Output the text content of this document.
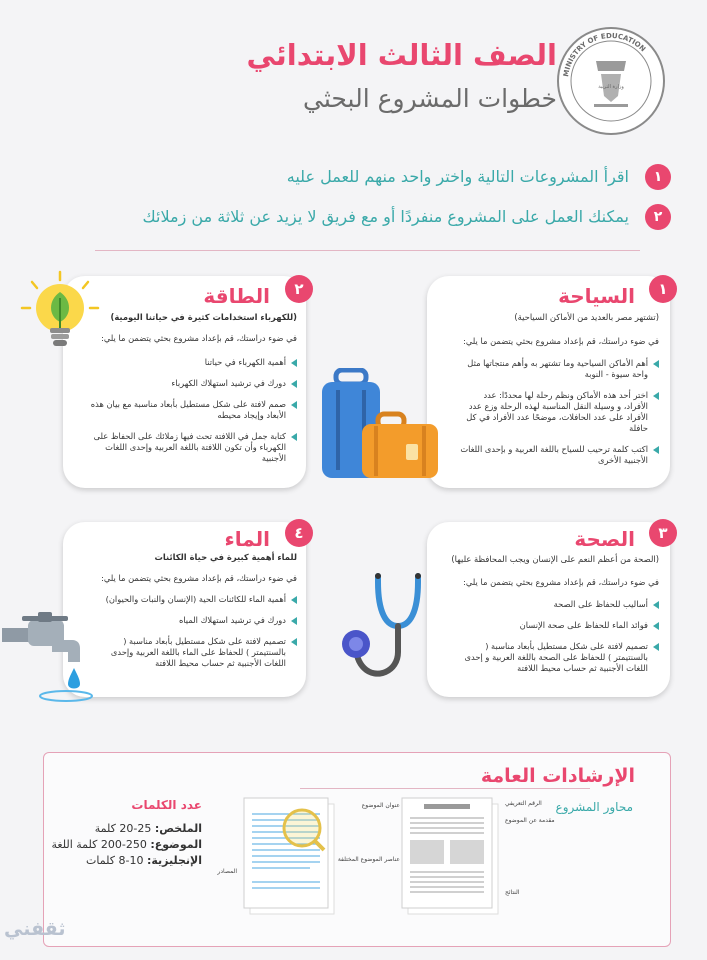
وزارة التربية
MINISTRY OF EDUCATION
الصف الثالث الابتدائي
خطوات المشروع البحثي
١
اقرأ المشروعات التالية واختر واحد منهم للعمل عليه
٢
يمكنك العمل على المشروع منفردًا أو مع فريق لا يزيد عن ثلاثة من زملائك
١
السياحة
(تشتهر مصر بالعديد من الأماكن السياحية)
في ضوء دراستك، قم بإعداد مشروع بحثي يتضمن ما يلي:
أهم الأماكن السياحية وما تشتهر به وأهم منتجاتها مثل واحة سيوة - النوبة
اختر أحد هذه الأماكن ونظم رحلة لها محددًا: عدد الأفراد، و وسيلة النقل المناسبة لهذه الرحلة وزع عدد الأفراد على عدد الحافلات، موضحًا عدد الأفراد في كل حافلة
اكتب كلمة ترحيب للسياح باللغة العربية و بإحدى اللغات الأجنبية الأخرى
٢
الطاقة
(للكهرباء استخدامات كثيرة في حياتنا اليومية)
في ضوء دراستك، قم بإعداد مشروع بحثي يتضمن ما يلي:
أهمية الكهرباء في حياتنا
دورك في ترشيد استهلاك الكهرباء
صمم لافتة على شكل مستطيل بأبعاد مناسبة مع بيان هذه الأبعاد وإيجاد محيطه
كتابة جمل في اللافتة تحث فيها زملائك على الحفاظ على الكهرباء وأن تكون اللافتة باللغة العربية وإحدى اللغات الأجنبية
٣
الصحة
(الصحة من أعظم النعم على الإنسان ويجب المحافظة عليها)
في ضوء دراستك، قم بإعداد مشروع بحثي يتضمن ما يلي:
أساليب للحفاظ على الصحة
فوائد الماء للحفاظ على صحة الإنسان
تصميم لافتة على شكل مستطيل بأبعاد مناسبة ( بالسنتيمتر ) للحفاظ على الصحة باللغة العربية و إحدى اللغات الأجنبية ثم حساب محيط اللافتة
٤
الماء
للماء أهمية كبيرة في حياة الكائنات
في ضوء دراستك، قم بإعداد مشروع بحثي يتضمن ما يلي:
أهمية الماء للكائنات الحية (الإنسان والنبات والحيوان)
دورك في ترشيد استهلاك المياه
تصميم لافتة على شكل مستطيل بأبعاد مناسبة ( بالسنتيمتر ) للحفاظ على الماء باللغة العربية وإحدى اللغات الأجنبية ثم حساب محيط اللافتة
الإرشادات العامة
محاور المشروع
عدد الكلمات
الملخص: 25-20 كلمة
الموضوع: 250-200 كلمة اللغة
الإنجليزية: 10-8 كلمات
عنوان الموضوع	الرقم التعريفي
مقدمة عن الموضوع
عناصر الموضوع المختلفة
النتائج
المصادر
ثقفني
